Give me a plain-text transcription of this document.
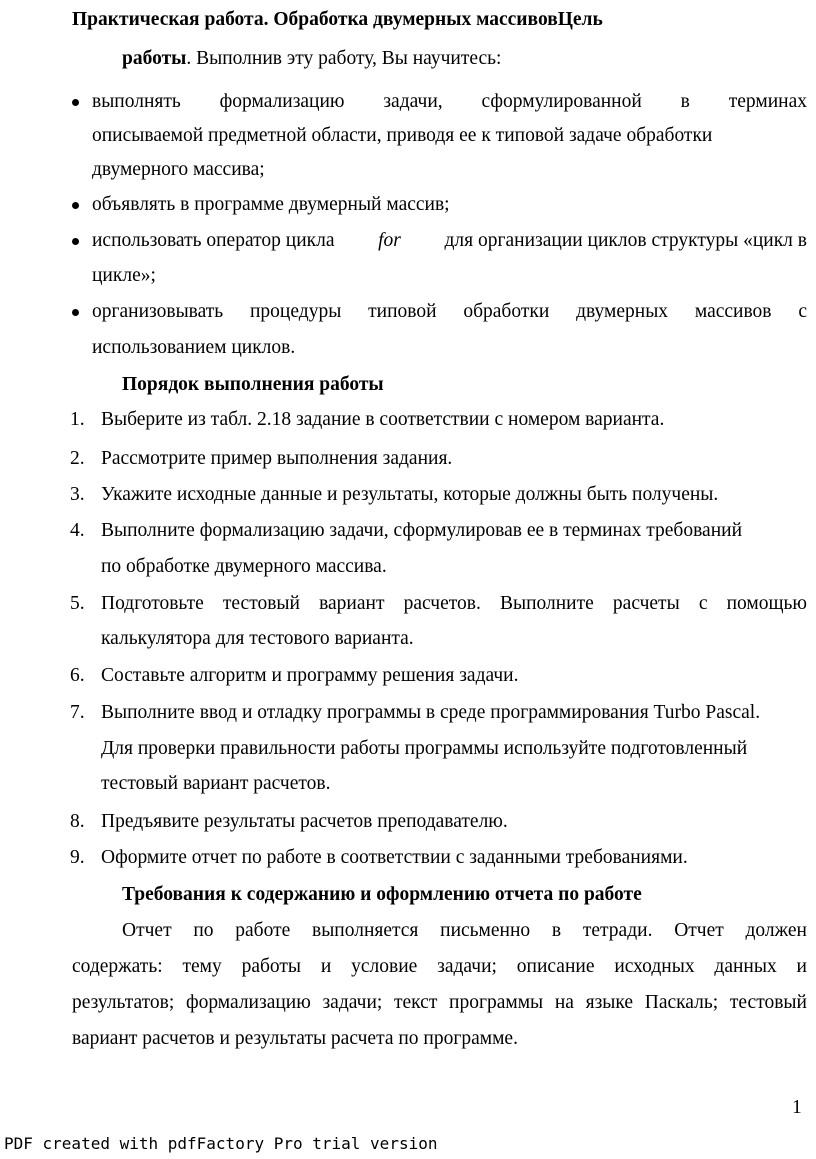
Практическая работа. Обработка двумерных массивовЦель
работы. Выполнив эту работу, Вы научитесь:
выполнять формализацию задачи, сформулированной в терминах
описываемой предметной области, приводя ее к типовой задаче обработки
двумерного массива;
объявлять в программе двумерный массив;
использовать оператор цикла for для организации циклов структуры «цикл в
цикле»;
организовывать процедуры типовой обработки двумерных массивов с
использованием циклов.
Порядок выполнения работы
1. Выберите из табл. 2.18 задание в соответствии с номером варианта.
2. Рассмотрите пример выполнения задания.
3. Укажите исходные данные и результаты, которые должны быть получены.
4. Выполните формализацию задачи, сформулировав ее в терминах требований
по обработке двумерного массива.
5. Подготовьте тестовый вариант расчетов. Выполните расчеты с помощью
калькулятора для тестового варианта.
6. Составьте алгоритм и программу решения задачи.
7. Выполните ввод и отладку программы в среде программирования Turbo Pascal.
Для проверки правильности работы программы используйте подготовленный
тестовый вариант расчетов.
8. Предъявите результаты расчетов преподавателю.
9. Оформите отчет по работе в соответствии с заданными требованиями.
Требования к содержанию и оформлению отчета по работе
Отчет по работе выполняется письменно в тетради. Отчет должен
содержать: тему работы и условие задачи; описание исходных данных и
результатов; формализацию задачи; текст программы на языке Паскаль; тестовый
вариант расчетов и результаты расчета по программе.
1
PDF created with pdfFactory Pro trial version
